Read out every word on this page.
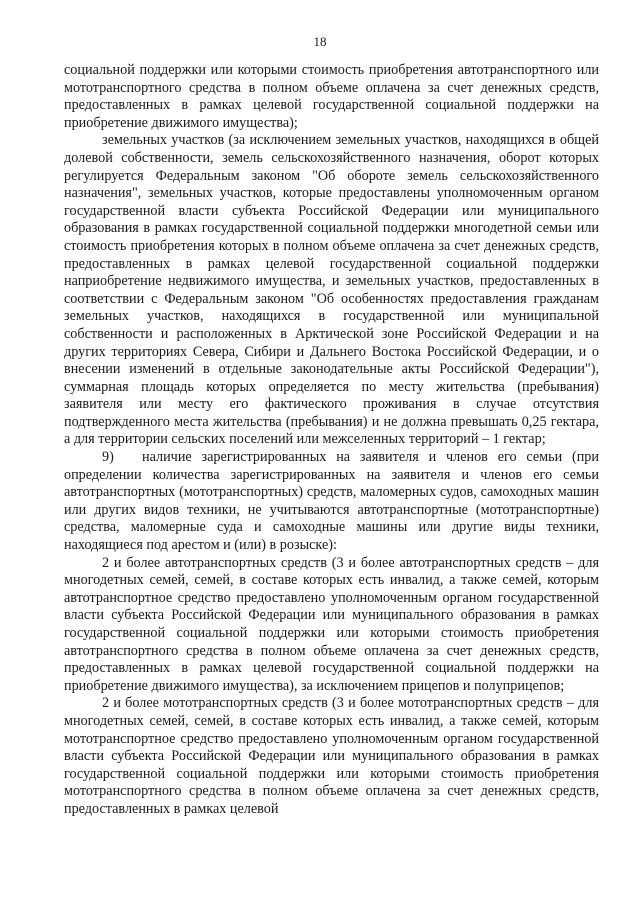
18

социальной поддержки или которыми стоимость приобретения автотранспортного или мототранспортного средства в полном объеме оплачена за счет денежных средств, предоставленных в рамках целевой государственной социальной поддержки на приобретение движимого имущества);

земельных участков (за исключением земельных участков, находящихся в общей долевой собственности, земель сельскохозяйственного назначения, оборот которых регулируется Федеральным законом "Об обороте земель сельскохозяйственного назначения", земельных участков, которые предоставлены уполномоченным органом государственной власти субъекта Российской Федерации или муниципального образования в рамках государственной социальной поддержки многодетной семьи или стоимость приобретения которых в полном объеме оплачена за счет денежных средств, предоставленных в рамках целевой государственной социальной поддержки наприобретение недвижимого имущества, и земельных участков, предоставленных в соответствии с Федеральным законом "Об особенностях предоставления гражданам земельных участков, находящихся в государственной или муниципальной собственности и расположенных в Арктической зоне Российской Федерации и на других территориях Севера, Сибири и Дальнего Востока Российской Федерации, и о внесении изменений в отдельные законодательные акты Российской Федерации"), суммарная площадь которых определяется по месту жительства (пребывания) заявителя или месту его фактического проживания в случае отсутствия подтвержденного места жительства (пребывания) и не должна превышать 0,25 гектара, а для территории сельских поселений или межселенных территорий – 1 гектар;

9) наличие зарегистрированных на заявителя и членов его семьи (при определении количества зарегистрированных на заявителя и членов его семьи автотранспортных (мототранспортных) средств, маломерных судов, самоходных машин или других видов техники, не учитываются автотранспортные (мототранспортные) средства, маломерные суда и самоходные машины или другие виды техники, находящиеся под арестом и (или) в розыске):

2 и более автотранспортных средств (3 и более автотранспортных средств – для многодетных семей, семей, в составе которых есть инвалид, а также семей, которым автотранспортное средство предоставлено уполномоченным органом государственной власти субъекта Российской Федерации или муниципального образования в рамках государственной социальной поддержки или которыми стоимость приобретения автотранспортного средства в полном объеме оплачена за счет денежных средств, предоставленных в рамках целевой государственной социальной поддержки на приобретение движимого имущества), за исключением прицепов и полуприцепов;

2 и более мототранспортных средств (3 и более мототранспортных средств – для многодетных семей, семей, в составе которых есть инвалид, а также семей, которым мототранспортное средство предоставлено уполномоченным органом государственной власти субъекта Российской Федерации или муниципального образования в рамках государственной социальной поддержки или которыми стоимость приобретения мототранспортного средства в полном объеме оплачена за счет денежных средств, предоставленных в рамках целевой
